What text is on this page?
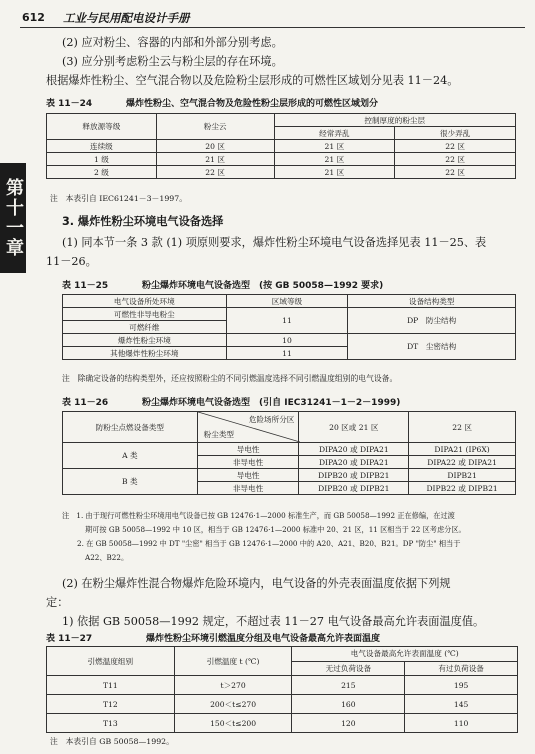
612 工业与民用配电设计手册
第十一章
(2) 应对粉尘、容器的内部和外部分别考虑。
(3) 应分别考虑粉尘云与粉尘层的存在环境。
根据爆炸性粉尘、空气混合物以及危险粉尘层形成的可燃性区域划分见表 11－24。
表 11－24	爆炸性粉尘、空气混合物及危险性粉尘层形成的可燃性区域划分
释放源等级	粉尘云	控制厚度的粉尘层	
		经常弄乱	很少弄乱
连续级	20 区	21 区	22 区
1 级	21 区	21 区	22 区
2 级	22 区	21 区	22 区
注　本表引自 IEC61241－3－1997。
3. 爆炸性粉尘环境电气设备选择
(1) 同本节一条 3 款 (1) 项原则要求，爆炸性粉尘环境电气设备选择见表 11－25、表
11－26。
表 11－25	粉尘爆炸环境电气设备选型　(按 GB 50058—1992 要求)
电气设备所处环境	区域等级	设备结构类型
可燃性非导电粉尘	11	DP　防尘结构
可燃纤维		
爆炸性粉尘环境	10	DT　尘密结构
其他爆炸性粉尘环境	11	
注　除确定设备的结构类型外，还应按照粉尘的不同引燃温度选择不同引燃温度组别的电气设备。
表 11－26	粉尘爆炸环境电气设备选型　(引自 IEC31241－1－2－1999)
防粉尘点燃设备类型	危险场所分区
粉尘类型	20 区或 21 区	22 区

A 类	导电性	DIPA20 或 DIPA21	DIPA21 (IP6X)
	非导电性	DIPA20 或 DIPA21	DIPA22 或 DIPA21
B 类	导电性	DIPB20 或 DIPB21	DIPB21
	非导电性	DIPB20 或 DIPB21	DIPB22 或 DIPB21
注　1. 由于现行可燃性粉尘环境用电气设备已按 GB 12476·1—2000 标准生产，而 GB 50058—1992 正在修编，在过渡
期可按 GB 50058—1992 中 10 区，相当于 GB 12476·1—2000 标准中 20、21 区，11 区相当于 22 区考虑分区。
2. 在 GB 50058—1992 中 DT "尘密" 相当于 GB 12476·1—2000 中的 A20、A21、B20、B21。DP "防尘" 相当于
A22、B22。
(2) 在粉尘爆炸性混合物爆炸危险环境内，电气设备的外壳表面温度依据下列规
定：
1) 依据 GB 50058—1992 规定，不超过表 11－27 电气设备最高允许表面温度值。
表 11－27	爆炸性粉尘环境引燃温度分组及电气设备最高允许表面温度
引燃温度组别	引燃温度 t (℃)	电气设备最高允许表面温度 (℃)	
		无过负荷设备	有过负荷设备
T11	t＞270	215	195
T12	200＜t≤270	160	145
T13	150＜t≤200	120	110
注　本表引自 GB 50058—1992。
